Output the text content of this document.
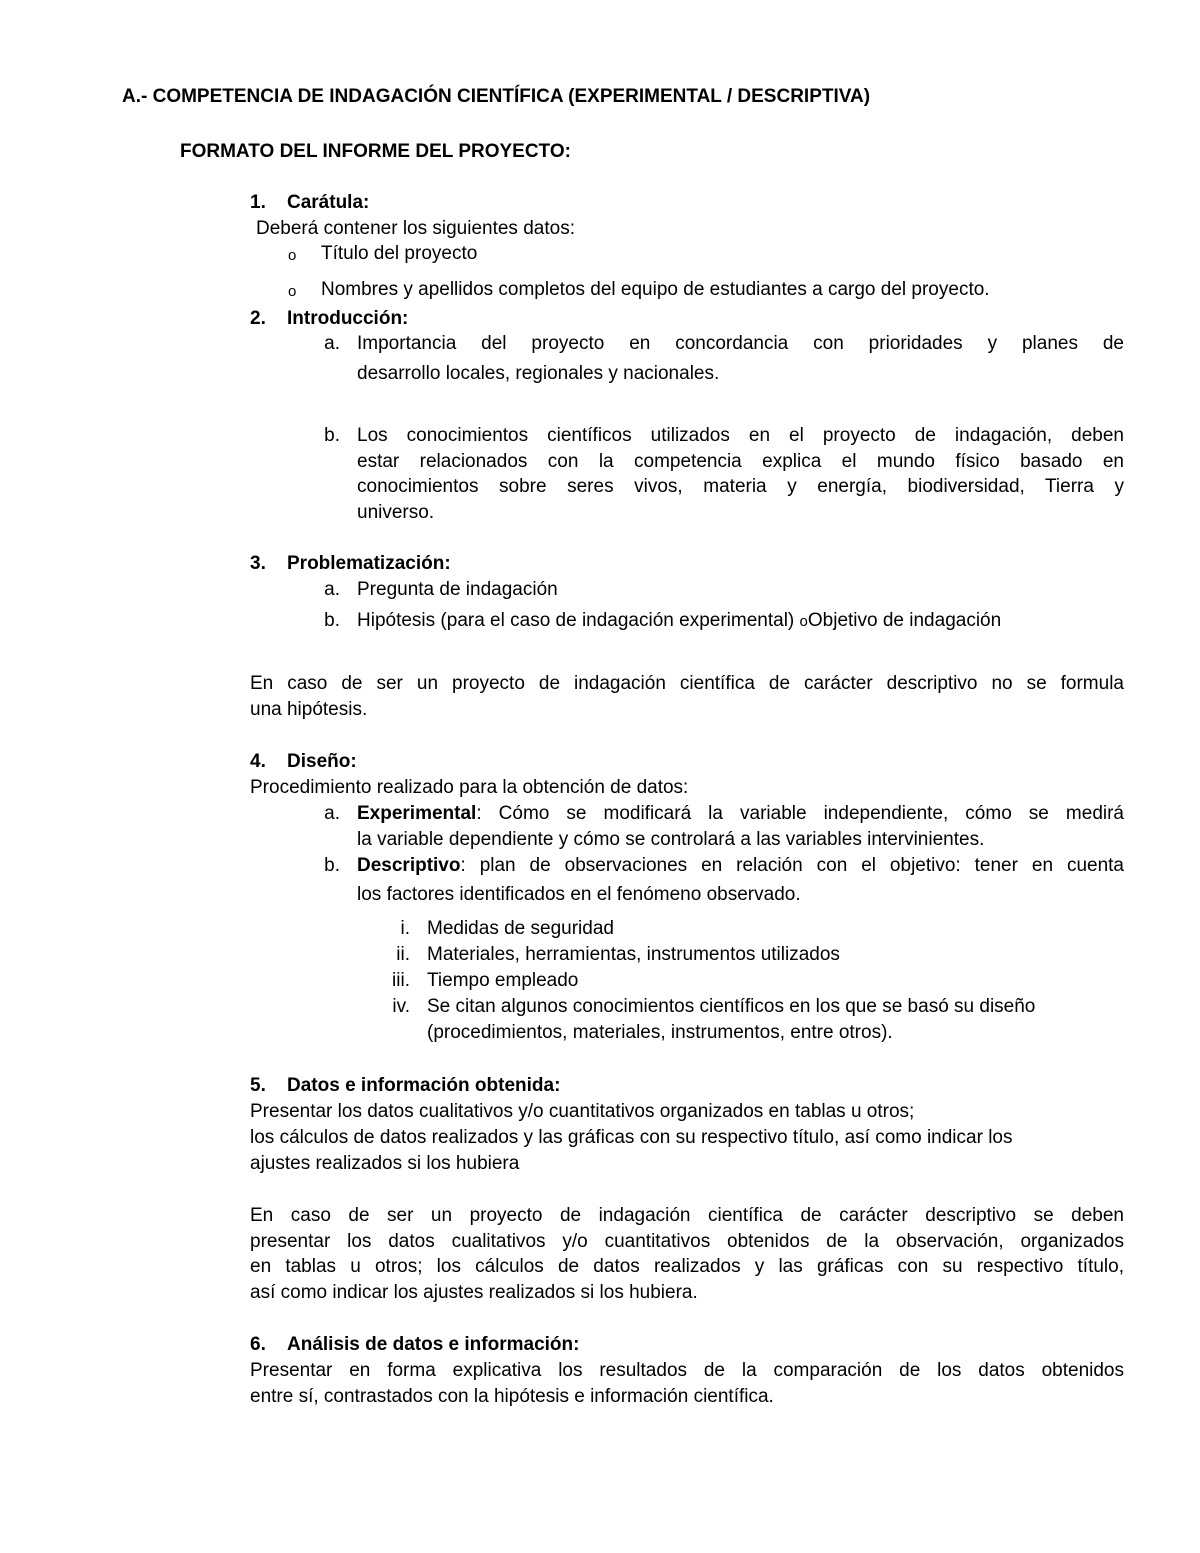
A.- COMPETENCIA DE INDAGACIÓN CIENTÍFICA (EXPERIMENTAL / DESCRIPTIVA)
FORMATO DEL INFORME DEL PROYECTO:
1. Carátula:
Deberá contener los siguientes datos:
o Título del proyecto
o Nombres y apellidos completos del equipo de estudiantes a cargo del proyecto.
2. Introducción:
a. Importancia del proyecto en concordancia con prioridades y planes de
desarrollo locales, regionales y nacionales.
b. Los conocimientos científicos utilizados en el proyecto de indagación, deben
estar relacionados con la competencia explica el mundo físico basado en
conocimientos sobre seres vivos, materia y energía, biodiversidad, Tierra y
universo.
3. Problematización:
a. Pregunta de indagación
b. Hipótesis (para el caso de indagación experimental) oObjetivo de indagación
En caso de ser un proyecto de indagación científica de carácter descriptivo no se formula
una hipótesis.
4. Diseño:
Procedimiento realizado para la obtención de datos:
a. Experimental: Cómo se modificará la variable independiente, cómo se medirá
la variable dependiente y cómo se controlará a las variables intervinientes.
b. Descriptivo: plan de observaciones en relación con el objetivo: tener en cuenta
los factores identificados en el fenómeno observado.
i. Medidas de seguridad
ii. Materiales, herramientas, instrumentos utilizados
iii. Tiempo empleado
iv. Se citan algunos conocimientos científicos en los que se basó su diseño
(procedimientos, materiales, instrumentos, entre otros).
5. Datos e información obtenida:
Presentar los datos cualitativos y/o cuantitativos organizados en tablas u otros;
los cálculos de datos realizados y las gráficas con su respectivo título, así como indicar los
ajustes realizados si los hubiera
En caso de ser un proyecto de indagación científica de carácter descriptivo se deben
presentar los datos cualitativos y/o cuantitativos obtenidos de la observación, organizados
en tablas u otros; los cálculos de datos realizados y las gráficas con su respectivo título,
así como indicar los ajustes realizados si los hubiera.
6. Análisis de datos e información:
Presentar en forma explicativa los resultados de la comparación de los datos obtenidos
entre sí, contrastados con la hipótesis e información científica.
